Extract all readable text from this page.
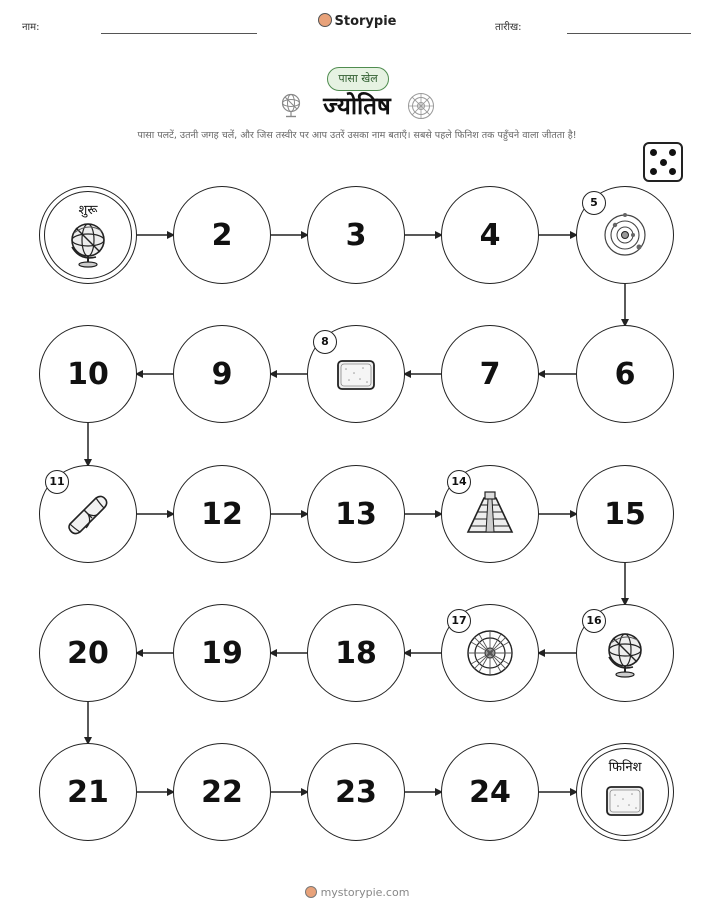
नाम:	Storypie	तारीख:
पासा खेल
ज्योतिष
पासा पलटें, उतनी जगह चलें, और जिस तस्वीर पर आप उतरें उसका नाम बताएँ। सबसे पहले फिनिश तक पहुँचने वाला जीतता है!
शुरू
2	3	4
5
6
7
8
9
10
11
12	13
14
15
16
17
18
19
20
21	22	23	24
फिनिश
mystorypie.com
